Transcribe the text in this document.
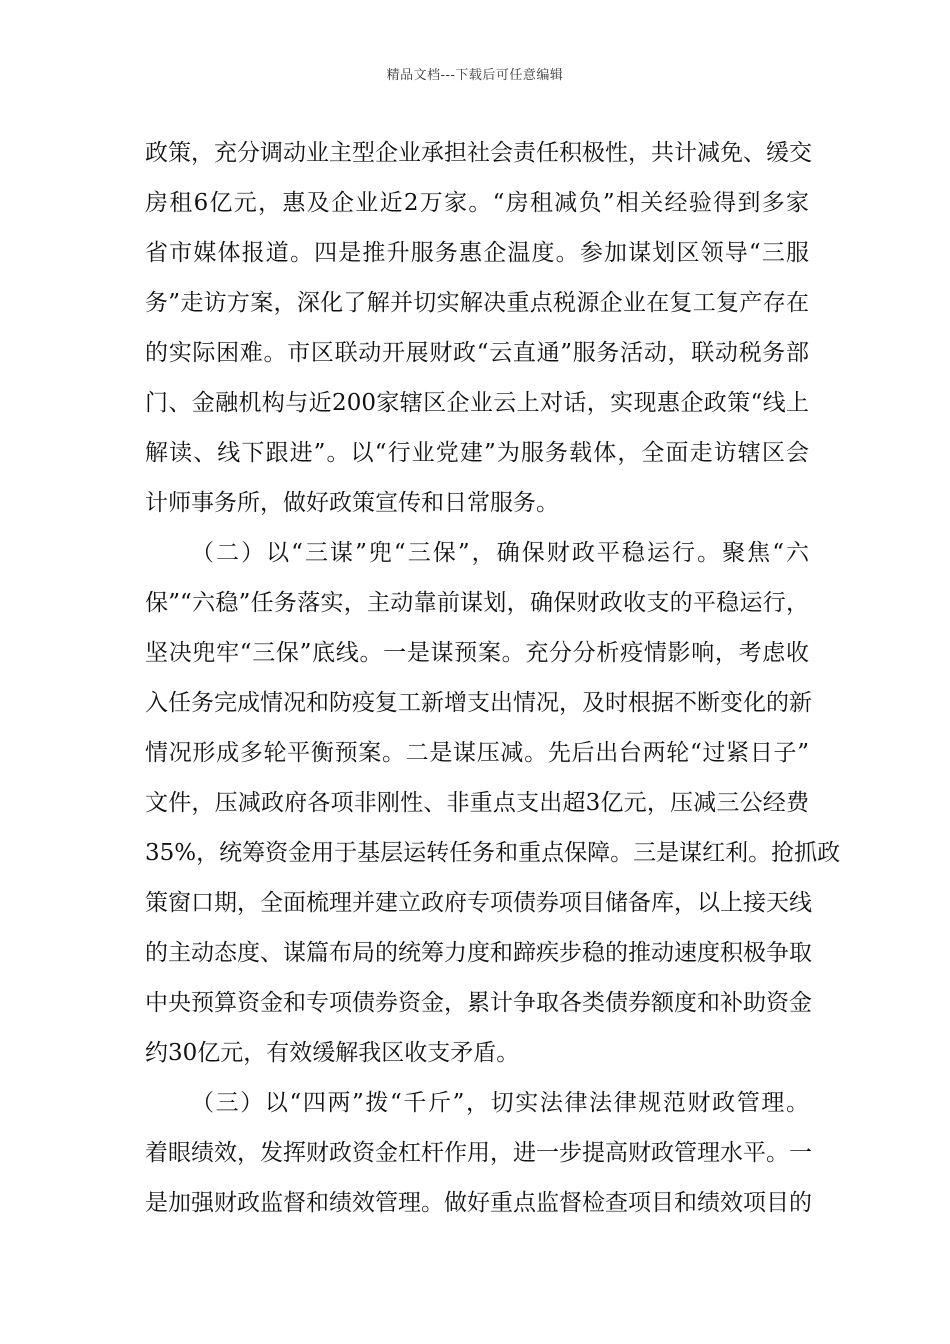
精品文档---下载后可任意编辑
政策，充分调动业主型企业承担社会责任积极性，共计减免、缓交
房租6亿元，惠及企业近2万家。“房租减负”相关经验得到多家
省市媒体报道。四是推升服务惠企温度。参加谋划区领导“三服
务”走访方案，深化了解并切实解决重点税源企业在复工复产存在
的实际困难。市区联动开展财政“云直通”服务活动，联动税务部
门、金融机构与近200家辖区企业云上对话，实现惠企政策“线上
解读、线下跟进”。以“行业党建”为服务载体，全面走访辖区会
计师事务所，做好政策宣传和日常服务。
（二）以“三谋”兜“三保”，确保财政平稳运行。聚焦“六
保”“六稳”任务落实，主动靠前谋划，确保财政收支的平稳运行，
坚决兜牢“三保”底线。一是谋预案。充分分析疫情影响，考虑收
入任务完成情况和防疫复工新增支出情况，及时根据不断变化的新
情况形成多轮平衡预案。二是谋压减。先后出台两轮“过紧日子”
文件，压减政府各项非刚性、非重点支出超3亿元，压减三公经费
35%，统筹资金用于基层运转任务和重点保障。三是谋红利。抢抓政
策窗口期，全面梳理并建立政府专项债券项目储备库，以上接天线
的主动态度、谋篇布局的统筹力度和蹄疾步稳的推动速度积极争取
中央预算资金和专项债券资金，累计争取各类债券额度和补助资金
约30亿元，有效缓解我区收支矛盾。
（三）以“四两”拨“千斤”，切实法律法律规范财政管理。
着眼绩效，发挥财政资金杠杆作用，进一步提高财政管理水平。一
是加强财政监督和绩效管理。做好重点监督检查项目和绩效项目的
